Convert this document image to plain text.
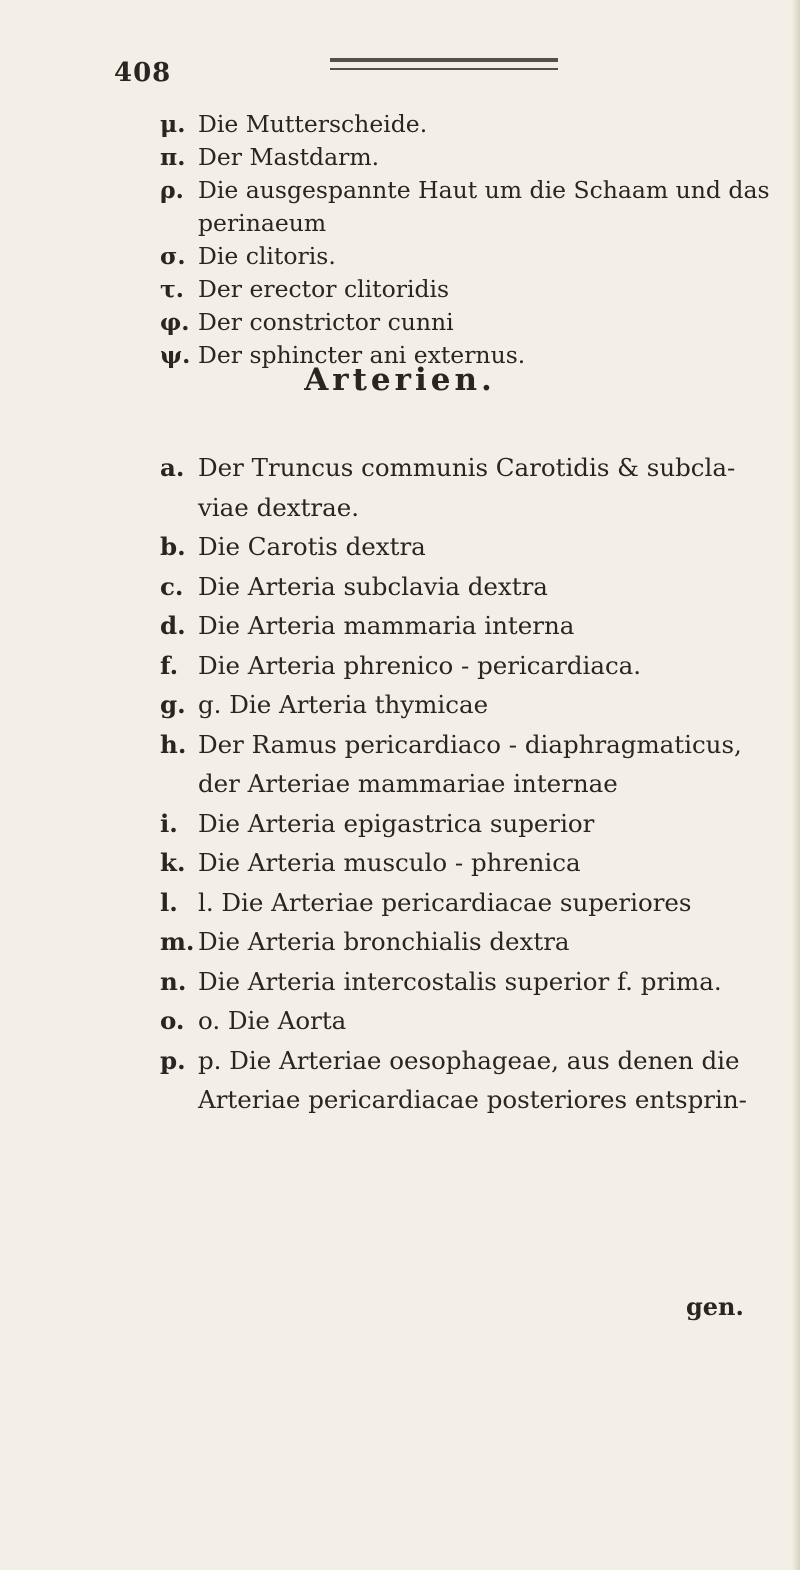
408
μ. Die Mutterscheide.
π. Der Mastdarm.
ρ. Die ausgespannte Haut um die Schaam und das perinaeum
σ. Die clitoris.
τ. Der erector clitoridis
φ. Der constrictor cunni
ψ. Der sphincter ani externus.
Arterien.
a. Der Truncus communis Carotidis & subcla-
viae dextrae.
b. Die Carotis dextra
c. Die Arteria subclavia dextra
d. Die Arteria mammaria interna
f. Die Arteria phrenico - pericardiaca.
g. g. Die Arteria thymicae
h. Der Ramus pericardiaco - diaphragmaticus,
der Arteriae mammariae internae
i. Die Arteria epigastrica superior
k. Die Arteria musculo - phrenica
l. l. Die Arteriae pericardiacae superiores
m. Die Arteria bronchialis dextra
n. Die Arteria intercostalis superior f. prima.
o. o. Die Aorta
p. p. Die Arteriae oesophageae, aus denen die
Arteriae pericardiacae posteriores entsprin-
gen.
